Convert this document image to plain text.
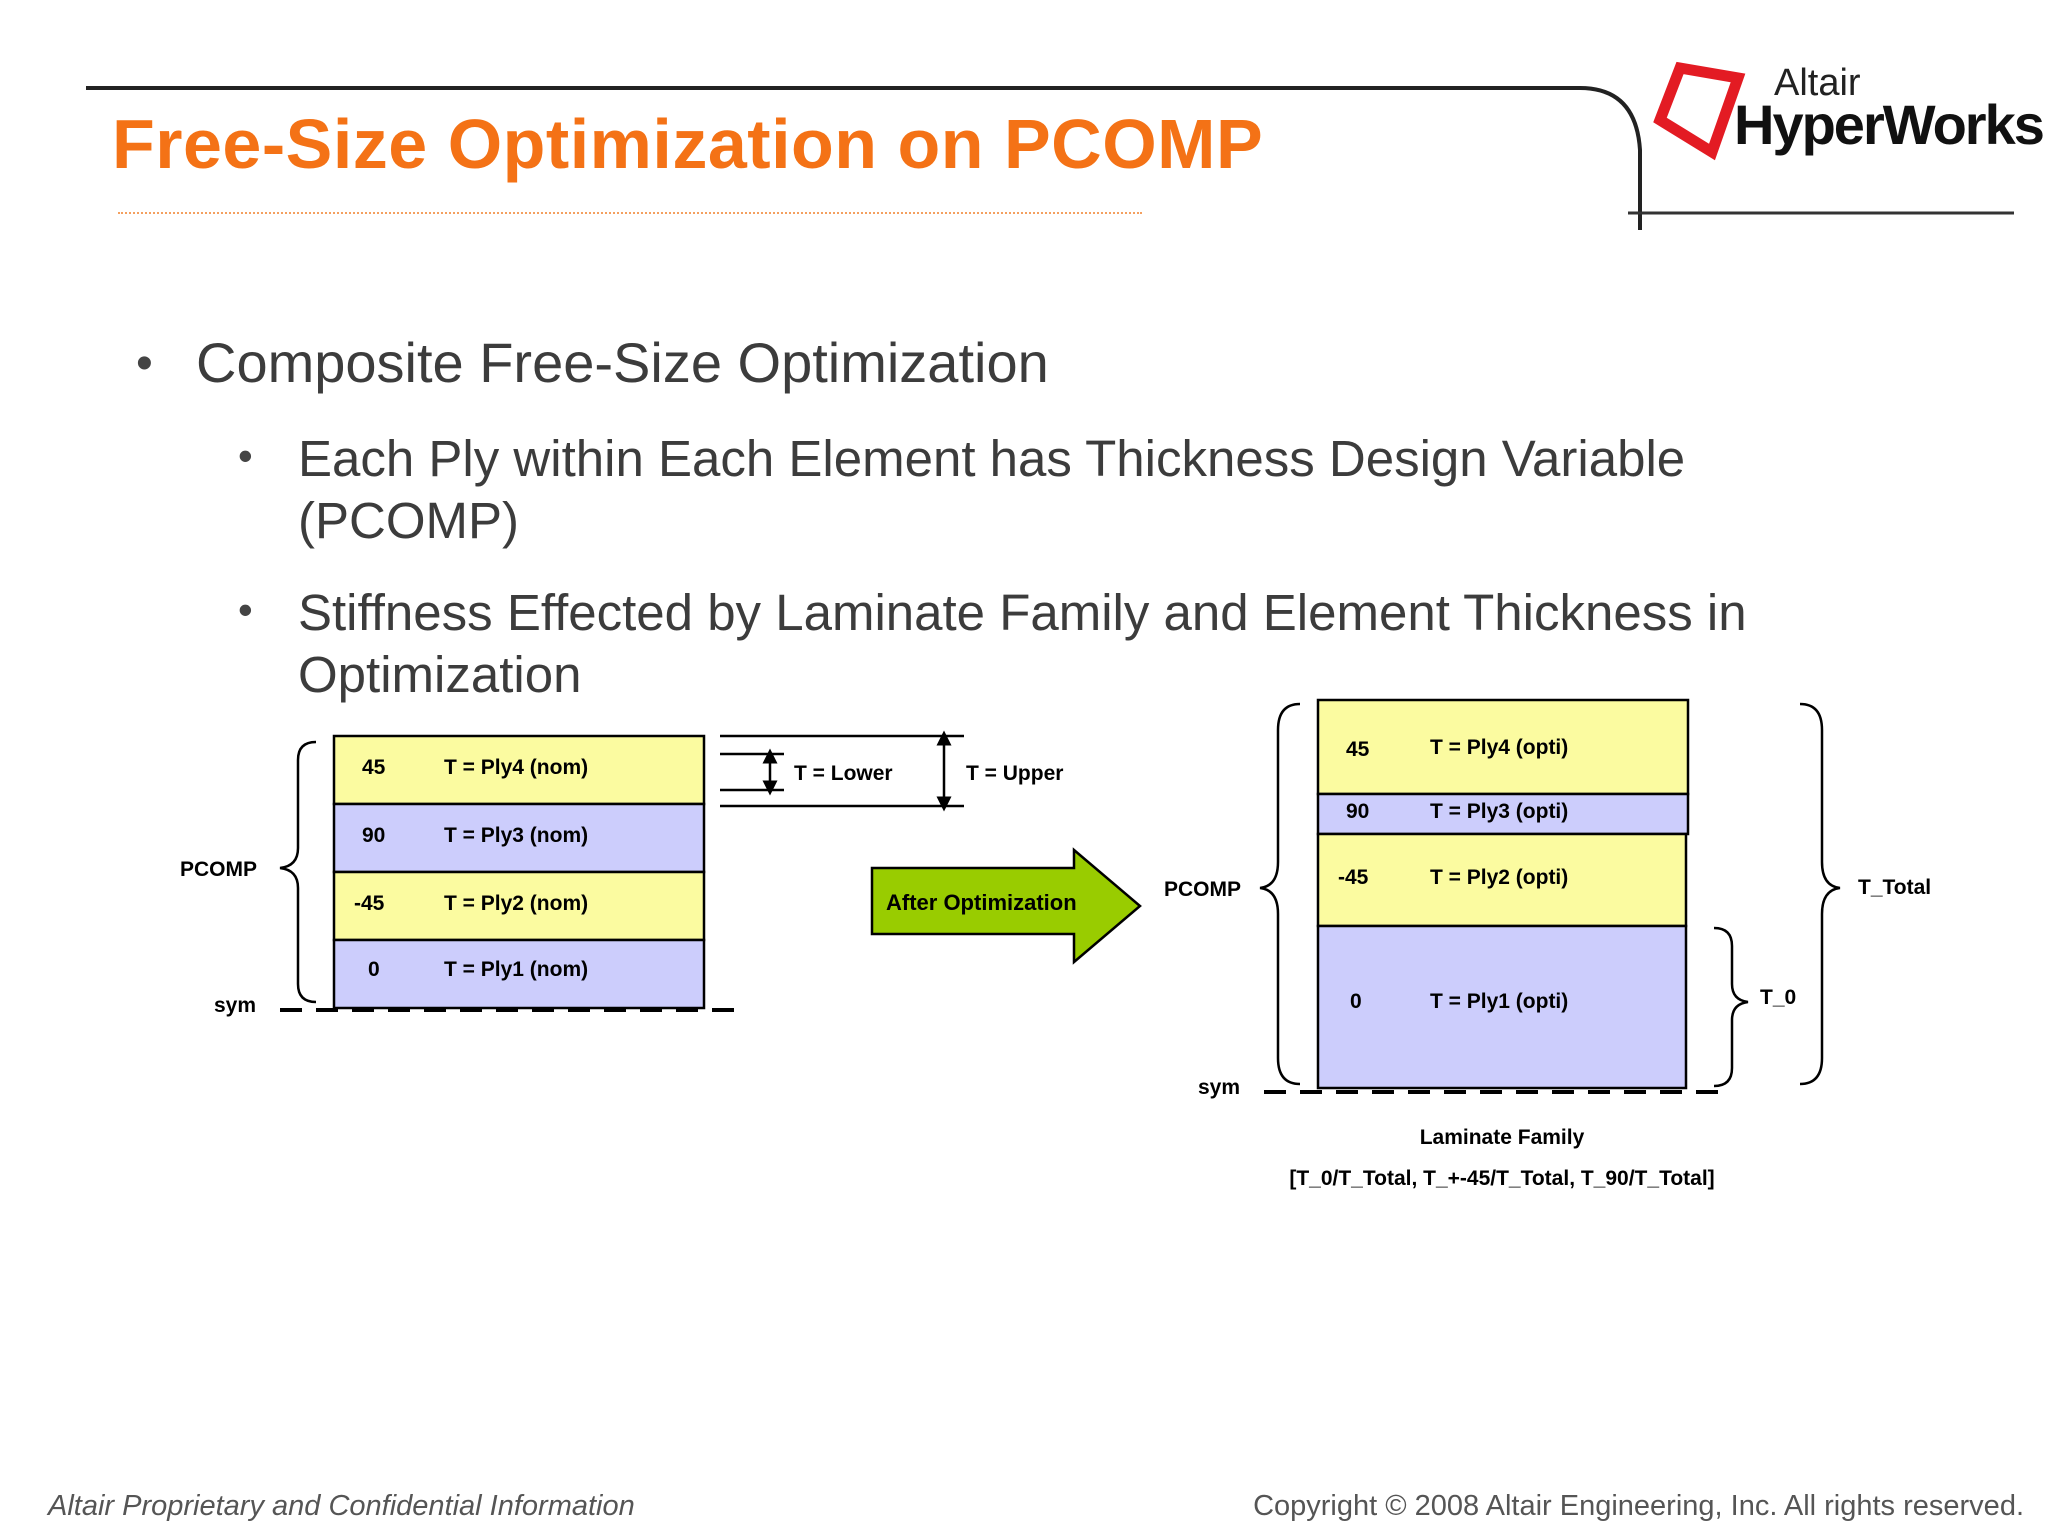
Altair
HyperWorks
Free-Size Optimization on PCOMP
• Composite Free-Size Optimization
• Each Ply within Each Element has Thickness Design Variable
(PCOMP)
• Stiffness Effected by Laminate Family and Element Thickness in
Optimization
45	T = Ply4 (nom)
90	T = Ply3 (nom)
-45	T = Ply2 (nom)
0	T = Ply1 (nom)
PCOMP
sym
T = Lower	T = Upper
After Optimization
45	T = Ply4 (opti)
90	T = Ply3 (opti)
-45	T = Ply2 (opti)
0	T = Ply1 (opti)
PCOMP
sym
T_Total
T_0
Laminate Family
[T_0/T_Total, T_+-45/T_Total, T_90/T_Total]
Altair Proprietary and Confidential Information	Copyright © 2008 Altair Engineering, Inc. All rights reserved.
